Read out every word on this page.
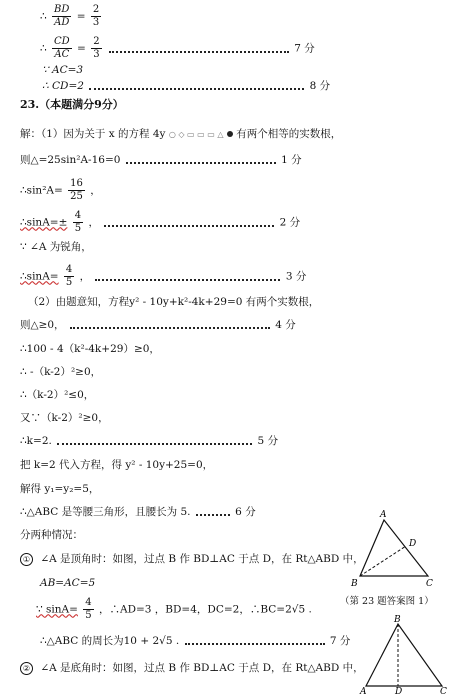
∴ $\frac{BD}{AD} = \frac{2}{3}$
∴ $\frac{CD}{AC} = \frac{2}{3}$	7 分
∵ AC=3
∴ CD=2	8 分
23.（本题满分9分）
解：（1）因为关于 x 的方程 4y ○ ◇ ▭ ▭ ▭ △ 有两个相等的实数根，
则△=25sin²A-16=0	1 分
∴sin²A= $\frac{16}{25}$ ，
∴sinA=± $\frac{4}{5}$ ，	2 分
∵ ∠A 为锐角，
∴sinA= $\frac{4}{5}$ ，	3 分
（2）由题意知，方程y² - 10y+k²-4k+29=0 有两个实数根，
则△≥0，	4 分
∴100 - 4（k²-4k+29）≥0，
∴ -（k-2）²≥0，
∴（k-2）²≤0，
又∵（k-2）²≥0，
∴k=2.	5 分
把 k=2 代入方程，得 y² - 10y+25=0，
解得 y₁=y₂=5，
∴△ABC 是等腰三角形，且腰长为 5.	6 分
分两种情况：
① ∠A 是顶角时：如图，过点 B 作 BD⊥AC 于点 D，在 Rt△ABD 中，
AB=AC=5
∵ $\sin A= \frac{4}{5}$ ，∴AD=3 ，BD=4，DC=2，∴BC=2√5 .
∴△ABC 的周长为10 + 2√5 .	7 分
② ∠A 是底角时：如图，过点 B 作 BD⊥AC 于点 D，在 Rt△ABD 中，
A
B	C
D
（第 23 题答案图 1）
B
A	D	C
